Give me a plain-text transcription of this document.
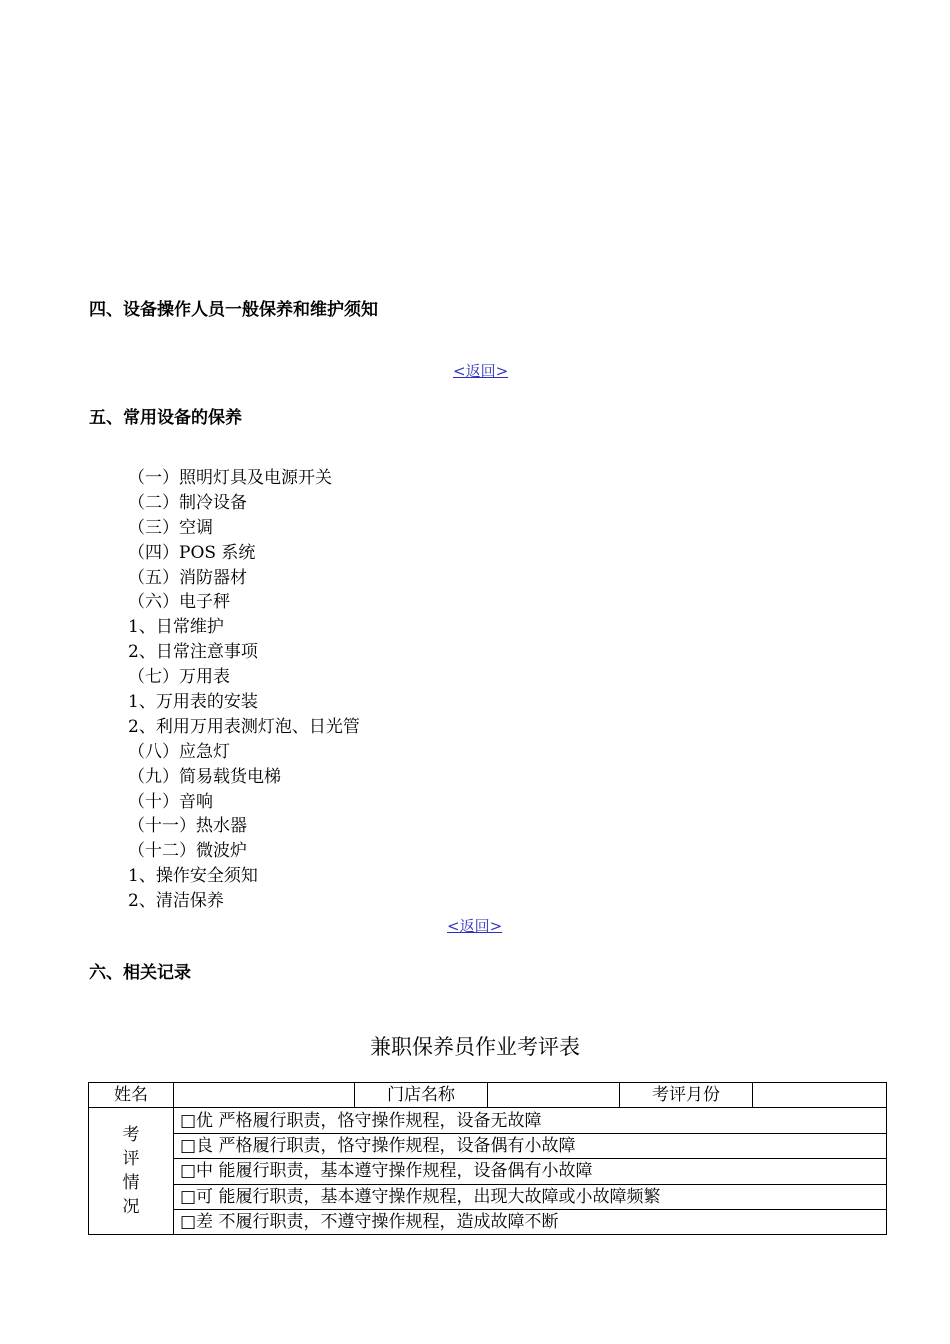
四、设备操作人员一般保养和维护须知
<返回>
五、常用设备的保养
（一）照明灯具及电源开关
（二）制冷设备
（三）空调
（四）POS 系统
（五）消防器材
（六）电子秤
1、日常维护
2、日常注意事项
（七）万用表
1、万用表的安装
2、利用万用表测灯泡、日光管
（八）应急灯
（九）简易载货电梯
（十）音响
（十一）热水器
（十二）微波炉
1、操作安全须知
2、清洁保养
<返回>
六、相关记录
兼职保养员作业考评表
姓名		门店名称		考评月份	

考
评
情
况	□优 严格履行职责，恪守操作规程，设备无故障				
	□良 严格履行职责，恪守操作规程，设备偶有小故障				
	□中 能履行职责，基本遵守操作规程，设备偶有小故障				
	□可 能履行职责，基本遵守操作规程，出现大故障或小故障频繁				
	□差 不履行职责，不遵守操作规程，造成故障不断				
